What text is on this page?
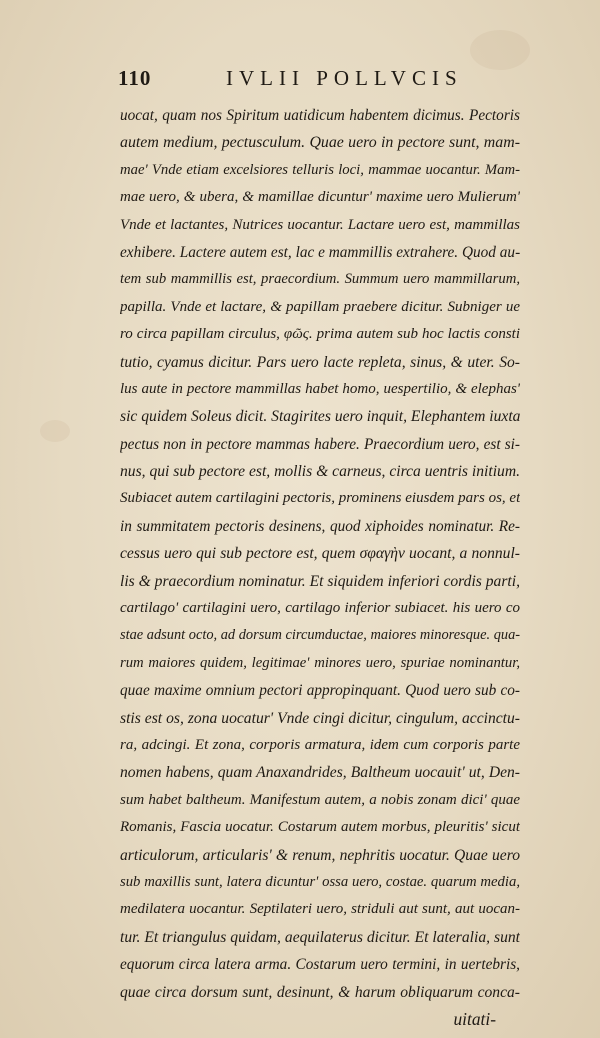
110	IVLII POLLVCIS
uocat, quam nos Spiritum uatidicum habentem dicimus. Pectoris
autem medium, pectusculum. Quae uero in pectore sunt, mam-
mae' Vnde etiam excelsiores telluris loci, mammae uocantur. Mam-
mae uero, & ubera, & mamillae dicuntur' maxime uero Mulierum'
Vnde et lactantes, Nutrices uocantur. Lactare uero est, mammillas
exhibere. Lactere autem est, lac e mammillis extrahere. Quod au-
tem sub mammillis est, praecordium. Summum uero mammillarum,
papilla. Vnde et lactare, & papillam praebere dicitur. Subniger ue
ro circa papillam circulus, φῶς. prima autem sub hoc lactis consti
tutio, cyamus dicitur. Pars uero lacte repleta, sinus, & uter. So-
lus aute in pectore mammillas habet homo, uespertilio, & elephas'
sic quidem Soleus dicit. Stagirites uero inquit, Elephantem iuxta
pectus non in pectore mammas habere. Praecordium uero, est si-
nus, qui sub pectore est, mollis & carneus, circa uentris initium.
Subiacet autem cartilagini pectoris, prominens eiusdem pars os, et
in summitatem pectoris desinens, quod xiphoides nominatur. Re-
cessus uero qui sub pectore est, quem σφαγὴν uocant, a nonnul-
lis & praecordium nominatur. Et siquidem inferiori cordis parti,
cartilago' cartilagini uero, cartilago inferior subiacet. his uero co
stae adsunt octo, ad dorsum circumductae, maiores minoresque. qua-
rum maiores quidem, legitimae' minores uero, spuriae nominantur,
quae maxime omnium pectori appropinquant. Quod uero sub co-
stis est os, zona uocatur' Vnde cingi dicitur, cingulum, accinctu-
ra, adcingi. Et zona, corporis armatura, idem cum corporis parte
nomen habens, quam Anaxandrides, Baltheum uocauit' ut, Den-
sum habet baltheum. Manifestum autem, a nobis zonam dici' quae
Romanis, Fascia uocatur. Costarum autem morbus, pleuritis' sicut
articulorum, articularis' & renum, nephritis uocatur. Quae uero
sub maxillis sunt, latera dicuntur' ossa uero, costae. quarum media,
medilatera uocantur. Septilateri uero, striduli aut sunt, aut uocan-
tur. Et triangulus quidam, aequilaterus dicitur. Et lateralia, sunt
equorum circa latera arma. Costarum uero termini, in uertebris,
quae circa dorsum sunt, desinunt, & harum obliquarum conca-
uitati-
